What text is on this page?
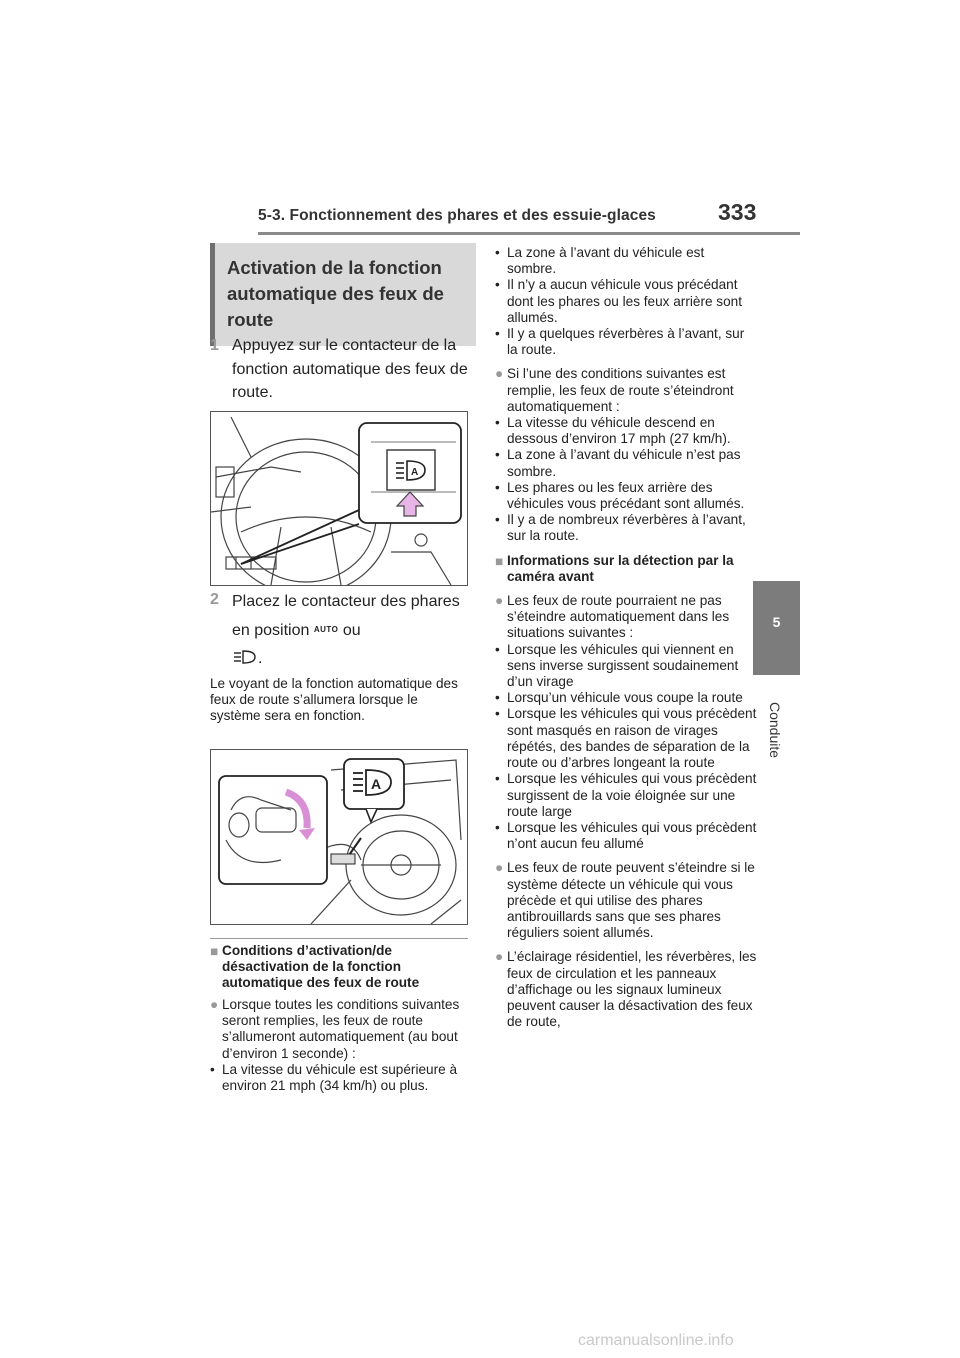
5-3. Fonctionnement des phares et des essuie-glaces	333
5
Conduite
Activation de la fonction automatique des feux de route
1 Appuyez sur le contacteur de la fonction automatique des feux de route.
A
2 Placez le contacteur des phares en position AUTO ou
.
Le voyant de la fonction automatique des feux de route s’allumera lorsque le système sera en fonction.
A
■ Conditions d’activation/de désactivation de la fonction automatique des feux de route
● Lorsque toutes les conditions suivantes seront remplies, les feux de route s’allumeront automatiquement (au bout d’environ 1 seconde) :
• La vitesse du véhicule est supérieure à environ 21 mph (34 km/h) ou plus.
• La zone à l’avant du véhicule est sombre.
• Il n’y a aucun véhicule vous précédant dont les phares ou les feux arrière sont allumés.
• Il y a quelques réverbères à l’avant, sur la route.
● Si l’une des conditions suivantes est remplie, les feux de route s’éteindront automatiquement :
• La vitesse du véhicule descend en dessous d’environ 17 mph (27 km/h).
• La zone à l’avant du véhicule n’est pas sombre.
• Les phares ou les feux arrière des véhicules vous précédant sont allumés.
• Il y a de nombreux réverbères à l’avant, sur la route.
■ Informations sur la détection par la caméra avant
● Les feux de route pourraient ne pas s’éteindre automatiquement dans les situations suivantes :
• Lorsque les véhicules qui viennent en sens inverse surgissent soudainement d’un virage
• Lorsqu’un véhicule vous coupe la route
• Lorsque les véhicules qui vous précèdent sont masqués en raison de virages répétés, des bandes de séparation de la route ou d’arbres longeant la route
• Lorsque les véhicules qui vous précèdent surgissent de la voie éloignée sur une route large
• Lorsque les véhicules qui vous précèdent n’ont aucun feu allumé
● Les feux de route peuvent s’éteindre si le système détecte un véhicule qui vous précède et qui utilise des phares antibrouillards sans que ses phares réguliers soient allumés.
● L’éclairage résidentiel, les réverbères, les feux de circulation et les panneaux d’affichage ou les signaux lumineux peuvent causer la désactivation des feux de route,
carmanualsonline.info
